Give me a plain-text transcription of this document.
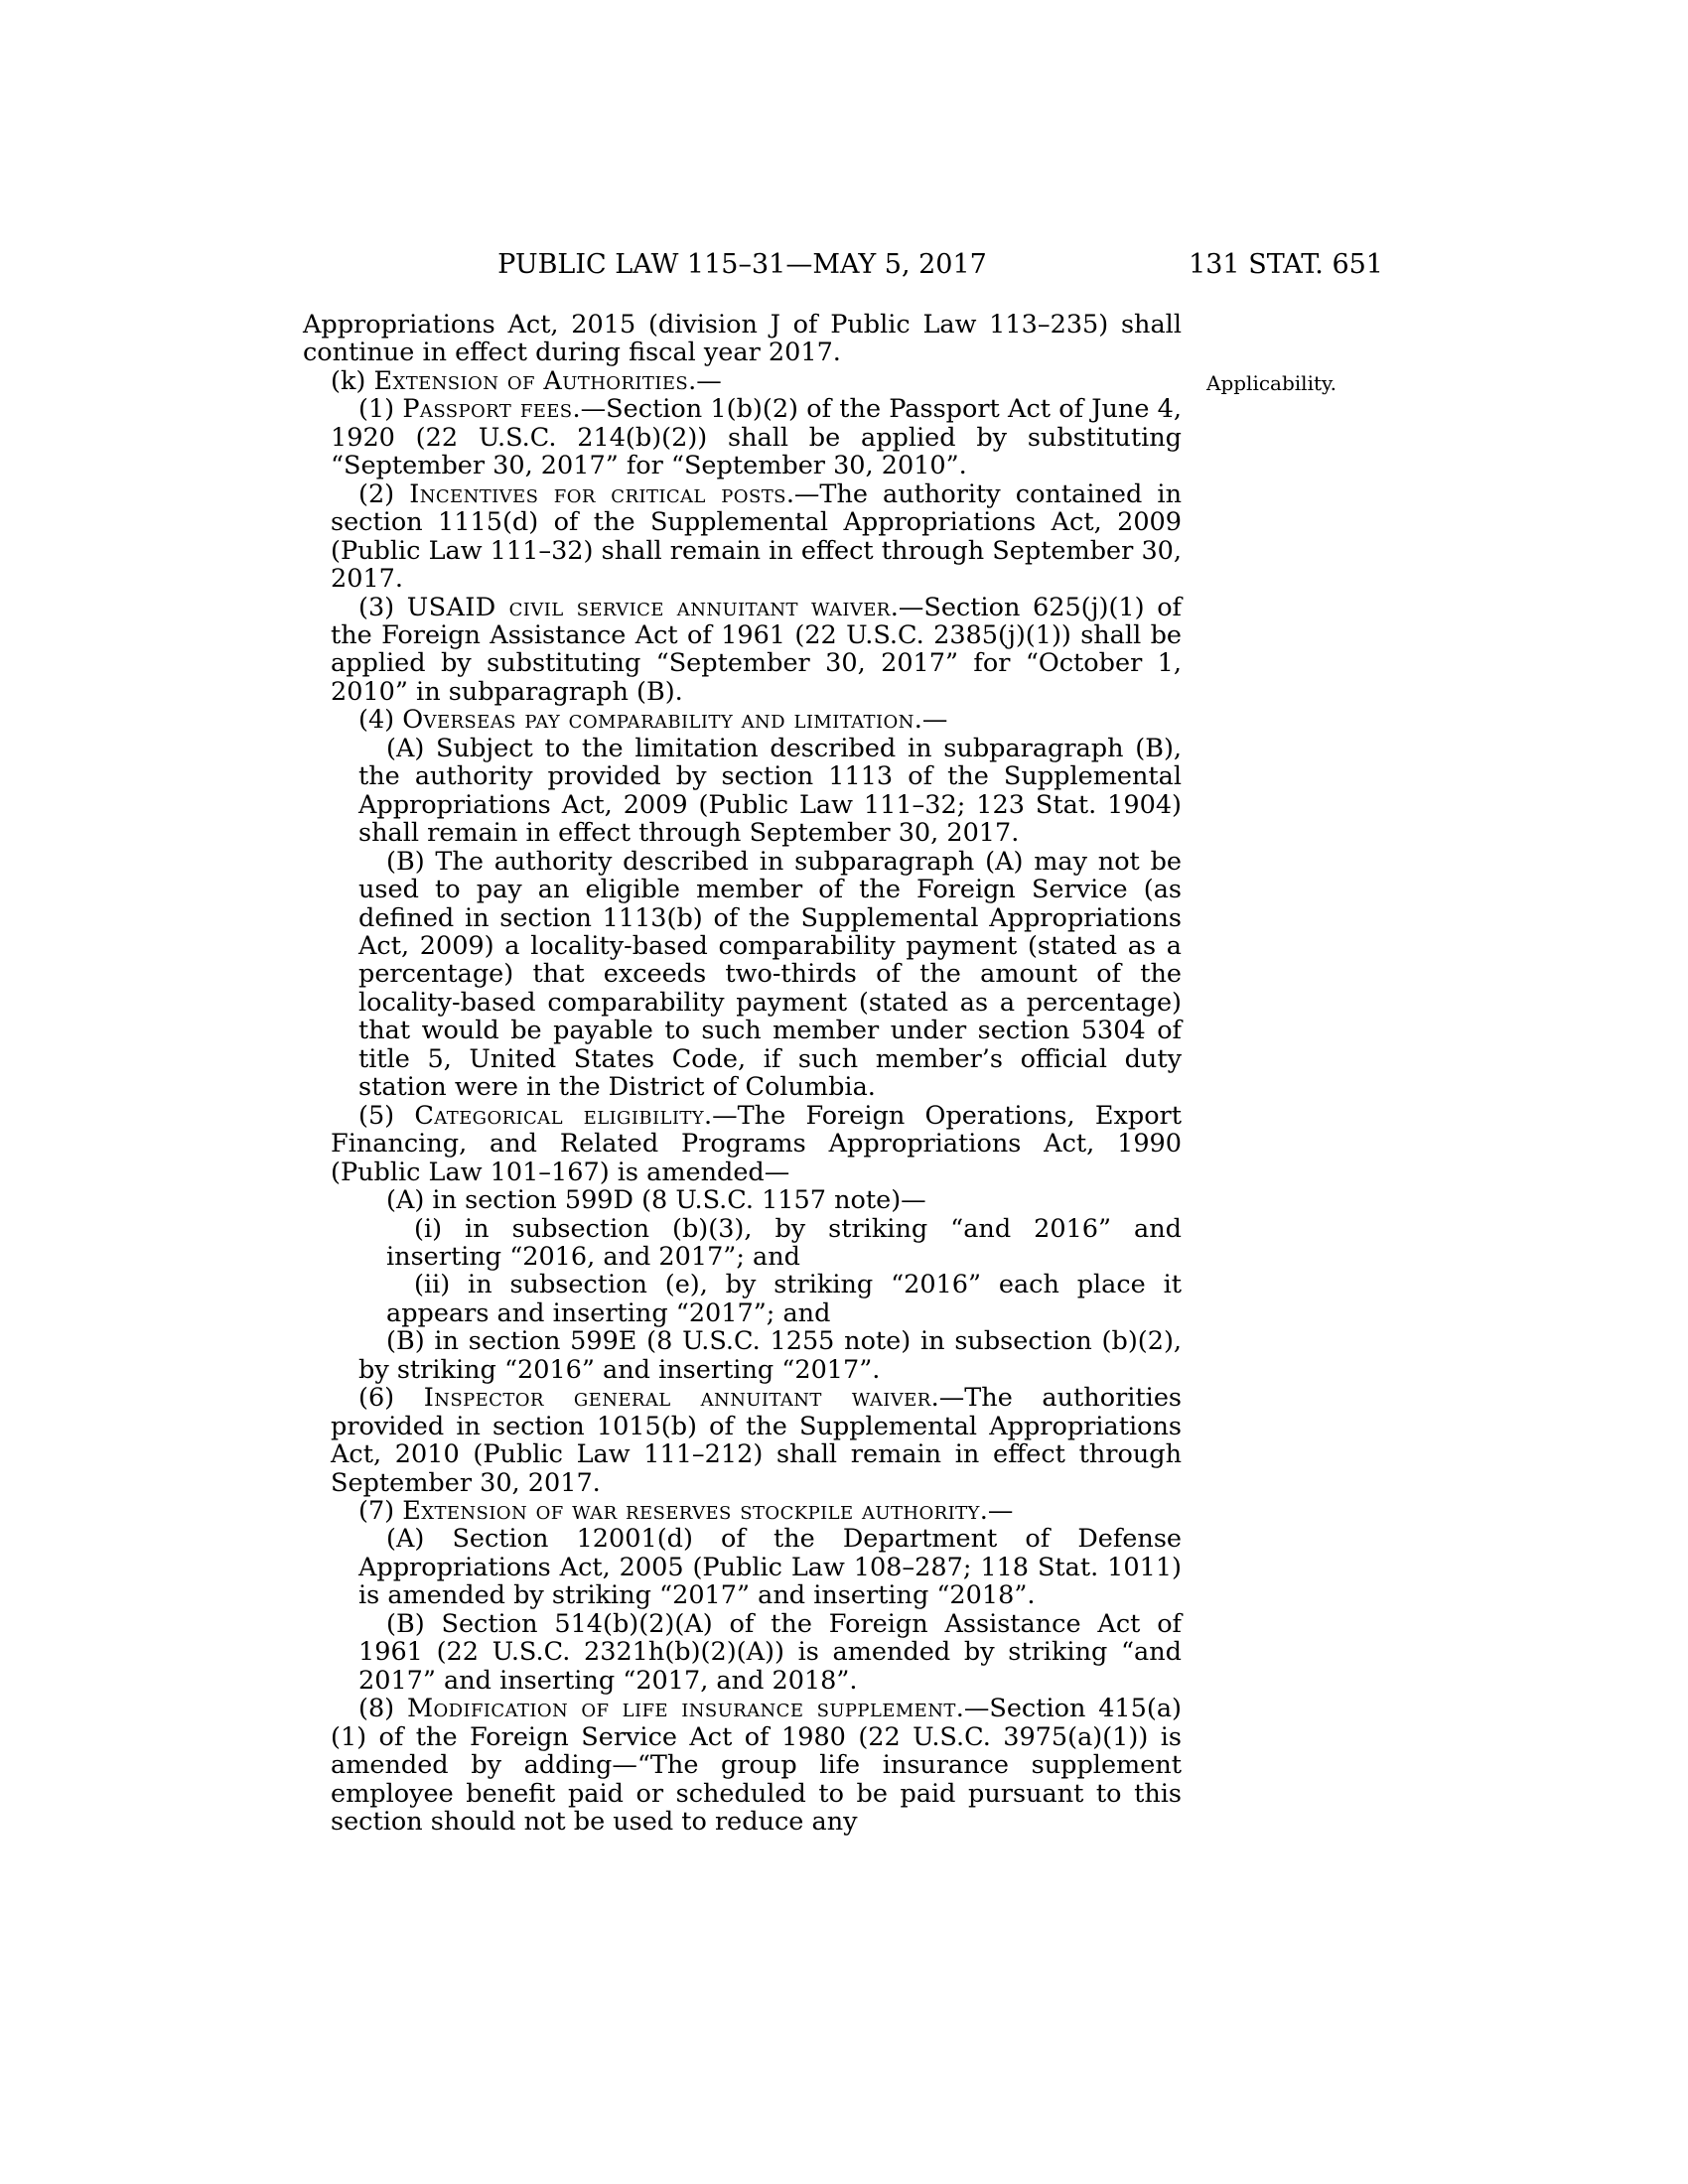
PUBLIC LAW 115–31—MAY 5, 2017	131 STAT. 651

Appropriations Act, 2015 (division J of Public Law 113–235) shall continue in effect during fiscal year 2017.

(k) Extension of Authorities.—	Applicability.

(1) Passport fees.—Section 1(b)(2) of the Passport Act of June 4, 1920 (22 U.S.C. 214(b)(2)) shall be applied by substituting “September 30, 2017” for “September 30, 2010”.

(2) Incentives for critical posts.—The authority contained in section 1115(d) of the Supplemental Appropriations Act, 2009 (Public Law 111–32) shall remain in effect through September 30, 2017.

(3) USAID civil service annuitant waiver.—Section 625(j)(1) of the Foreign Assistance Act of 1961 (22 U.S.C. 2385(j)(1)) shall be applied by substituting “September 30, 2017” for “October 1, 2010” in subparagraph (B).

(4) Overseas pay comparability and limitation.—

(A) Subject to the limitation described in subparagraph (B), the authority provided by section 1113 of the Supplemental Appropriations Act, 2009 (Public Law 111–32; 123 Stat. 1904) shall remain in effect through September 30, 2017.

(B) The authority described in subparagraph (A) may not be used to pay an eligible member of the Foreign Service (as defined in section 1113(b) of the Supplemental Appropriations Act, 2009) a locality-based comparability payment (stated as a percentage) that exceeds two-thirds of the amount of the locality-based comparability payment (stated as a percentage) that would be payable to such member under section 5304 of title 5, United States Code, if such member’s official duty station were in the District of Columbia.

(5) Categorical eligibility.—The Foreign Operations, Export Financing, and Related Programs Appropriations Act, 1990 (Public Law 101–167) is amended—

(A) in section 599D (8 U.S.C. 1157 note)—

(i) in subsection (b)(3), by striking “and 2016” and inserting “2016, and 2017”; and

(ii) in subsection (e), by striking “2016” each place it appears and inserting “2017”; and

(B) in section 599E (8 U.S.C. 1255 note) in subsection (b)(2), by striking “2016” and inserting “2017”.

(6) Inspector general annuitant waiver.—The authorities provided in section 1015(b) of the Supplemental Appropriations Act, 2010 (Public Law 111–212) shall remain in effect through September 30, 2017.

(7) Extension of war reserves stockpile authority.—

(A) Section 12001(d) of the Department of Defense Appropriations Act, 2005 (Public Law 108–287; 118 Stat. 1011) is amended by striking “2017” and inserting “2018”.

(B) Section 514(b)(2)(A) of the Foreign Assistance Act of 1961 (22 U.S.C. 2321h(b)(2)(A)) is amended by striking “and 2017” and inserting “2017, and 2018”.

(8) Modification of life insurance supplement.—Section 415(a)(1) of the Foreign Service Act of 1980 (22 U.S.C. 3975(a)(1)) is amended by adding—“The group life insurance supplement employee benefit paid or scheduled to be paid pursuant to this section should not be used to reduce any
